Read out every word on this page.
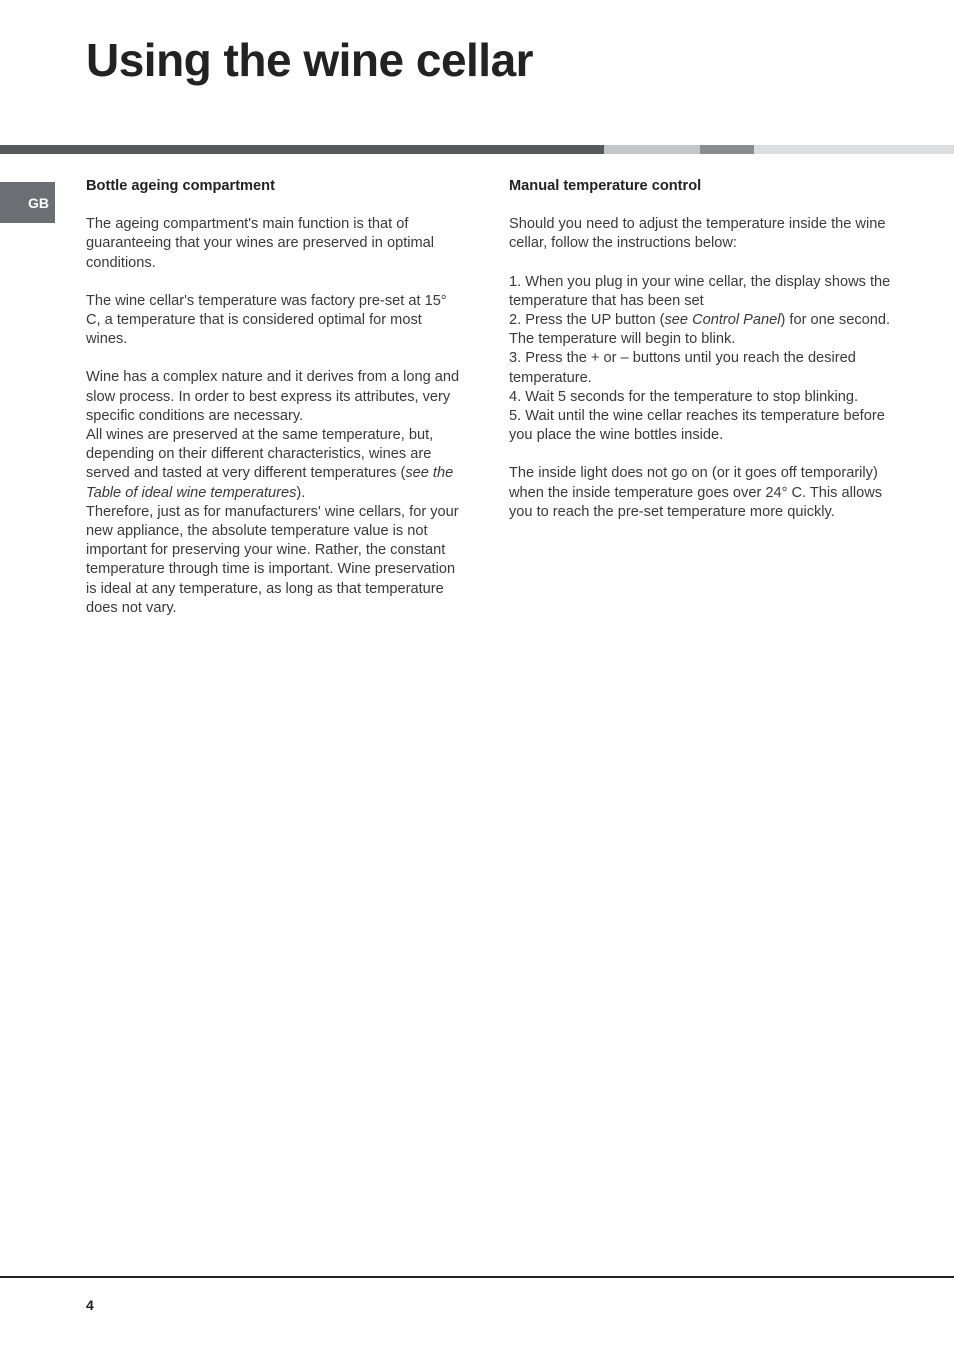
Using the wine cellar
GB
Bottle ageing compartment

The ageing compartment's main function is that of guaranteeing that your wines are preserved in optimal conditions.

The wine cellar's temperature was factory pre-set at 15° C, a temperature that is considered optimal for most wines.

Wine has a complex nature and it derives from a long and slow process. In order to best express its attributes, very specific conditions are necessary.

All wines are preserved at the same temperature, but, depending on their different characteristics, wines are served and tasted at very different temperatures (see the Table of ideal wine temperatures).

Therefore, just as for manufacturers' wine cellars, for your new appliance, the absolute temperature value is not important for preserving your wine. Rather, the constant temperature through time is important. Wine preservation is ideal at any temperature, as long as that temperature does not vary.

Manual temperature control

Should you need to adjust the temperature inside the wine cellar, follow the instructions below:

1. When you plug in your wine cellar, the display shows the temperature that has been set

2. Press the UP button (see Control Panel) for one second. The temperature will begin to blink.

3. Press the + or – buttons until you reach the desired temperature.

4. Wait 5 seconds for the temperature to stop blinking.

5. Wait until the wine cellar reaches its temperature before you place the wine bottles inside.

The inside light does not go on (or it goes off temporarily) when the inside temperature goes over 24° C. This allows you to reach the pre-set temperature more quickly.

4
